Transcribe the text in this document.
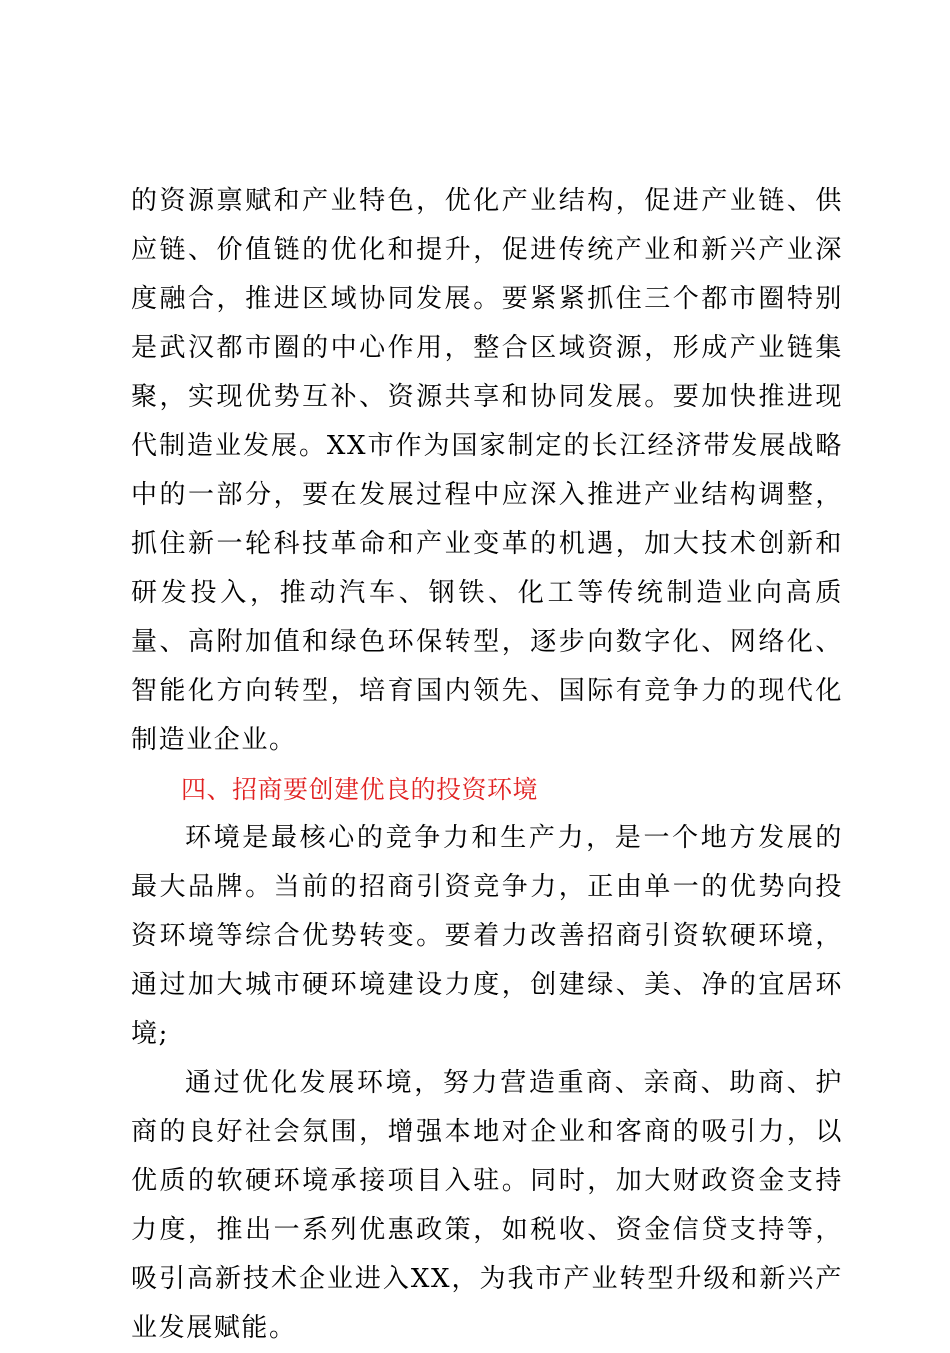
的资源禀赋和产业特色，优化产业结构，促进产业链、供应链、价值链的优化和提升，促进传统产业和新兴产业深度融合，推进区域协同发展。要紧紧抓住三个都市圈特别是武汉都市圈的中心作用，整合区域资源，形成产业链集聚，实现优势互补、资源共享和协同发展。要加快推进现代制造业发展。XX市作为国家制定的长江经济带发展战略中的一部分，要在发展过程中应深入推进产业结构调整，抓住新一轮科技革命和产业变革的机遇，加大技术创新和研发投入，推动汽车、钢铁、化工等传统制造业向高质量、高附加值和绿色环保转型，逐步向数字化、网络化、智能化方向转型，培育国内领先、国际有竞争力的现代化制造业企业。

四、招商要创建优良的投资环境

环境是最核心的竞争力和生产力，是一个地方发展的最大品牌。当前的招商引资竞争力，正由单一的优势向投资环境等综合优势转变。要着力改善招商引资软硬环境，通过加大城市硬环境建设力度，创建绿、美、净的宜居环境;

通过优化发展环境，努力营造重商、亲商、助商、护商的良好社会氛围，增强本地对企业和客商的吸引力，以优质的软硬环境承接项目入驻。同时，加大财政资金支持力度，推出一系列优惠政策，如税收、资金信贷支持等，吸引高新技术企业进入XX，为我市产业转型升级和新兴产业发展赋能。
